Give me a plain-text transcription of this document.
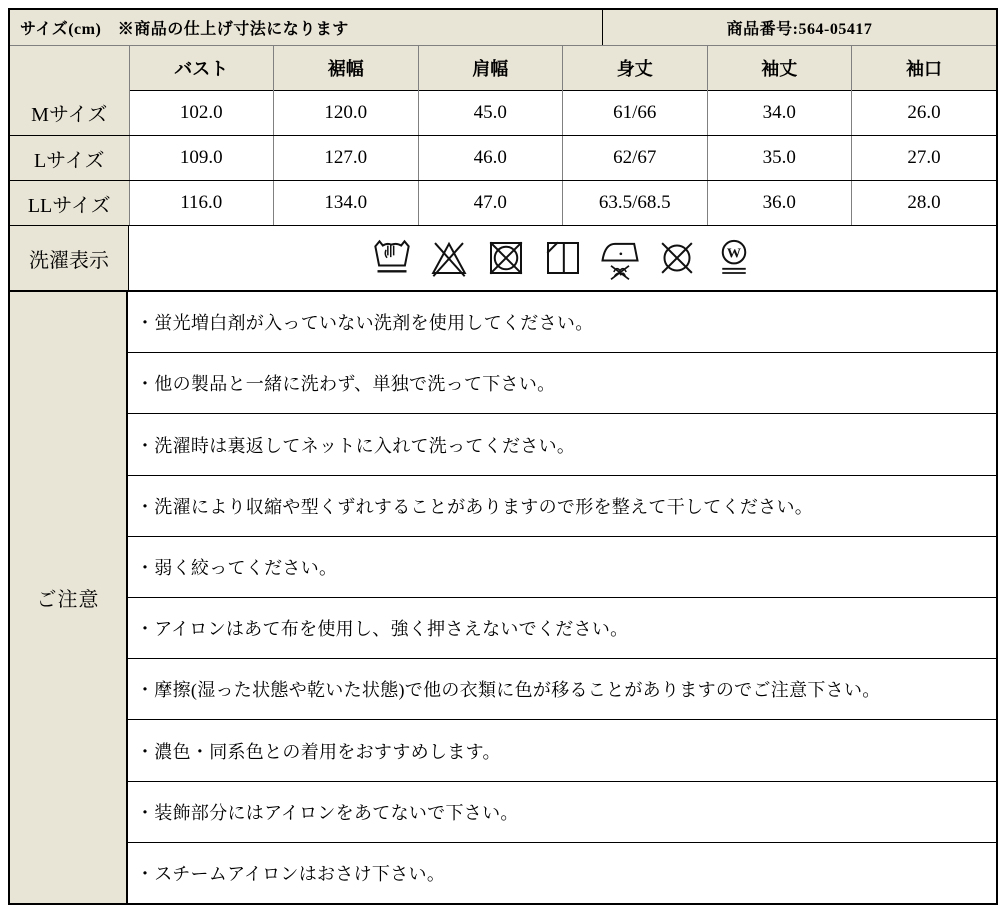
サイズ(cm)　※商品の仕上げ寸法になります	商品番号:564-05417
	バスト	裾幅	肩幅	身丈	袖丈	袖口
Mサイズ	102.0	120.0	45.0	61/66	34.0	26.0
Lサイズ	109.0	127.0	46.0	62/67	35.0	27.0
LLサイズ	116.0	134.0	47.0	63.5/68.5	36.0	28.0
洗濯表示
ご注意
・蛍光増白剤が入っていない洗剤を使用してください。
・他の製品と一緒に洗わず、単独で洗って下さい。
・洗濯時は裏返してネットに入れて洗ってください。
・洗濯により収縮や型くずれすることがありますので形を整えて干してください。
・弱く絞ってください。
・アイロンはあて布を使用し、強く押さえないでください。
・摩擦(湿った状態や乾いた状態)で他の衣類に色が移ることがありますのでご注意下さい。
・濃色・同系色との着用をおすすめします。
・装飾部分にはアイロンをあてないで下さい。
・スチームアイロンはおさけ下さい。
